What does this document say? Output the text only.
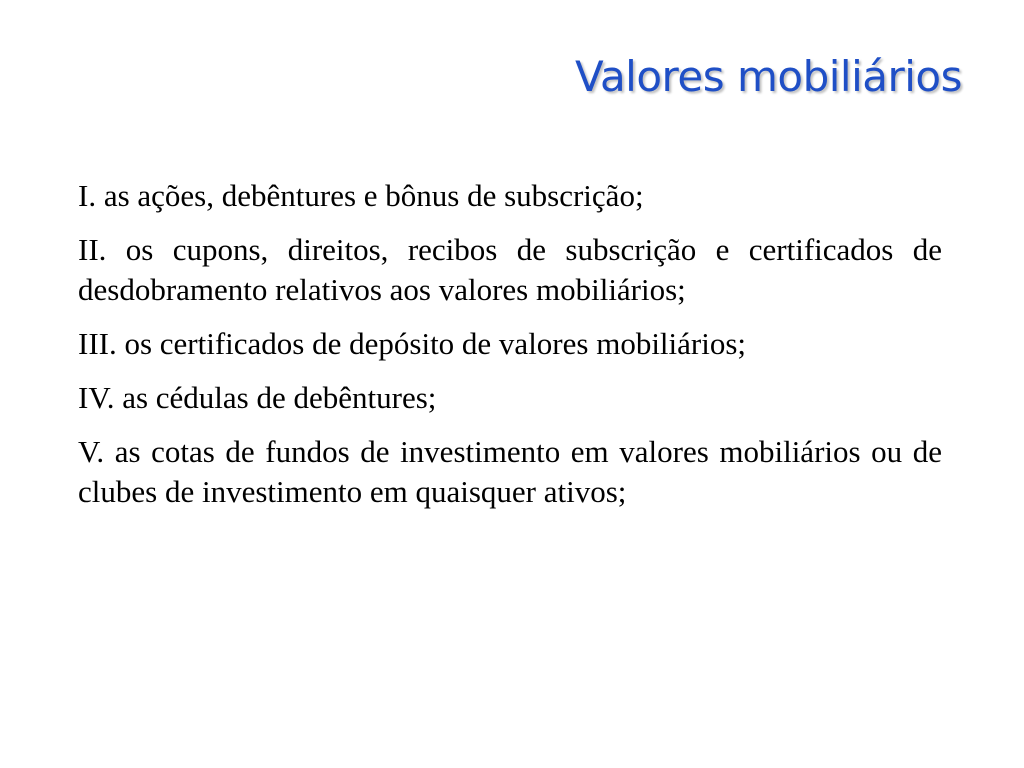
Valores mobiliários
I. as ações, debêntures e bônus de subscrição;
II. os cupons, direitos, recibos de subscrição e certificados de desdobramento relativos aos valores mobiliários;
III. os certificados de depósito de valores mobiliários;
IV. as cédulas de debêntures;
V. as cotas de fundos de investimento em valores mobiliários ou de clubes de investimento em quaisquer ativos;
